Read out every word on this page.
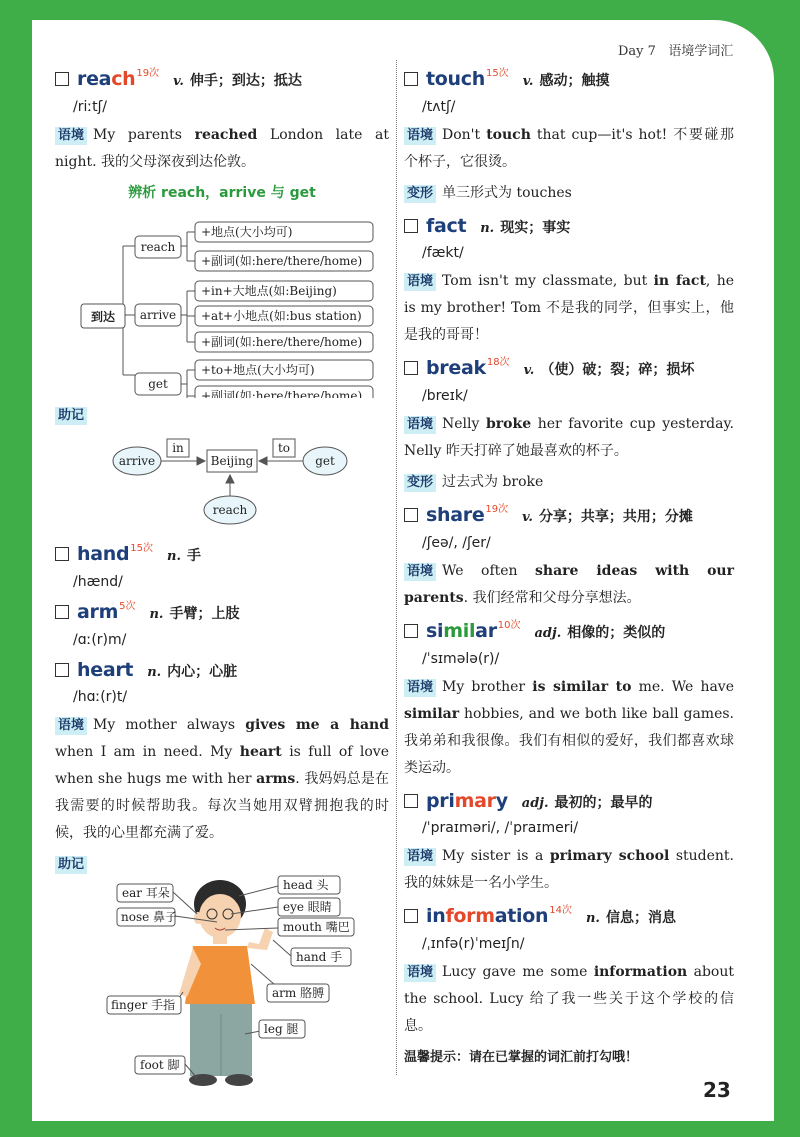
Day 7 语境学词汇
reach 19次
v. 伸手；到达；抵达
/riːtʃ/
语境 My parents reached London late at night. 我的父母深夜到达伦敦。
辨析 reach，arrive 与 get
到达
reach
arrive
get
+地点(大小均可)
+副词(如:here/there/home)
+in+大地点(如:Beijing)
+at+小地点(如:bus station)
+副词(如:here/there/home)
+to+地点(大小均可)
+副词(如:here/there/home)
助记
arrive
in
Beijing
to
get
reach
hand 15次
n. 手
/hænd/
arm 5次
n. 手臂；上肢
/ɑː(r)m/
heart n. 内心；心脏
/hɑː(r)t/
语境 My mother always gives me a hand when I am in need. My heart is full of love when she hugs me with her arms. 我妈妈总是在我需要的时候帮助我。每次当她用双臂拥抱我的时候，我的心里都充满了爱。
助记
ear 耳朵
nose 鼻子
head 头
eye 眼睛
mouth 嘴巴
hand 手
arm 胳膊
finger 手指
leg 腿
foot 脚
touch 15次
v. 感动；触摸
/tʌtʃ/
语境 Don't touch that cup—it's hot! 不要碰那个杯子，它很烫。
变形 单三形式为 touches
fact n. 现实；事实
/fækt/
语境 Tom isn't my classmate, but in fact, he is my brother! Tom 不是我的同学，但事实上，他是我的哥哥！
break 18次
v. （使）破；裂；碎；损坏
/breɪk/
语境 Nelly broke her favorite cup yesterday. Nelly 昨天打碎了她最喜欢的杯子。
变形 过去式为 broke
share 19次
v. 分享；共享；共用；分摊
/ʃeə/, /ʃer/
语境 We often share ideas with our parents. 我们经常和父母分享想法。
similar 10次
adj. 相像的；类似的
/ˈsɪmələ(r)/
语境 My brother is similar to me. We have similar hobbies, and we both like ball games. 我弟弟和我很像。我们有相似的爱好，我们都喜欢球类运动。
primary adj. 最初的；最早的
/ˈpraɪməri/, /ˈpraɪmeri/
语境 My sister is a primary school student. 我的妹妹是一名小学生。
information 14次
n. 信息；消息
/ˌɪnfə(r)ˈmeɪʃn/
语境 Lucy gave me some information about the school. Lucy 给了我一些关于这个学校的信息。
温馨提示：请在已掌握的词汇前打勾哦！
23
